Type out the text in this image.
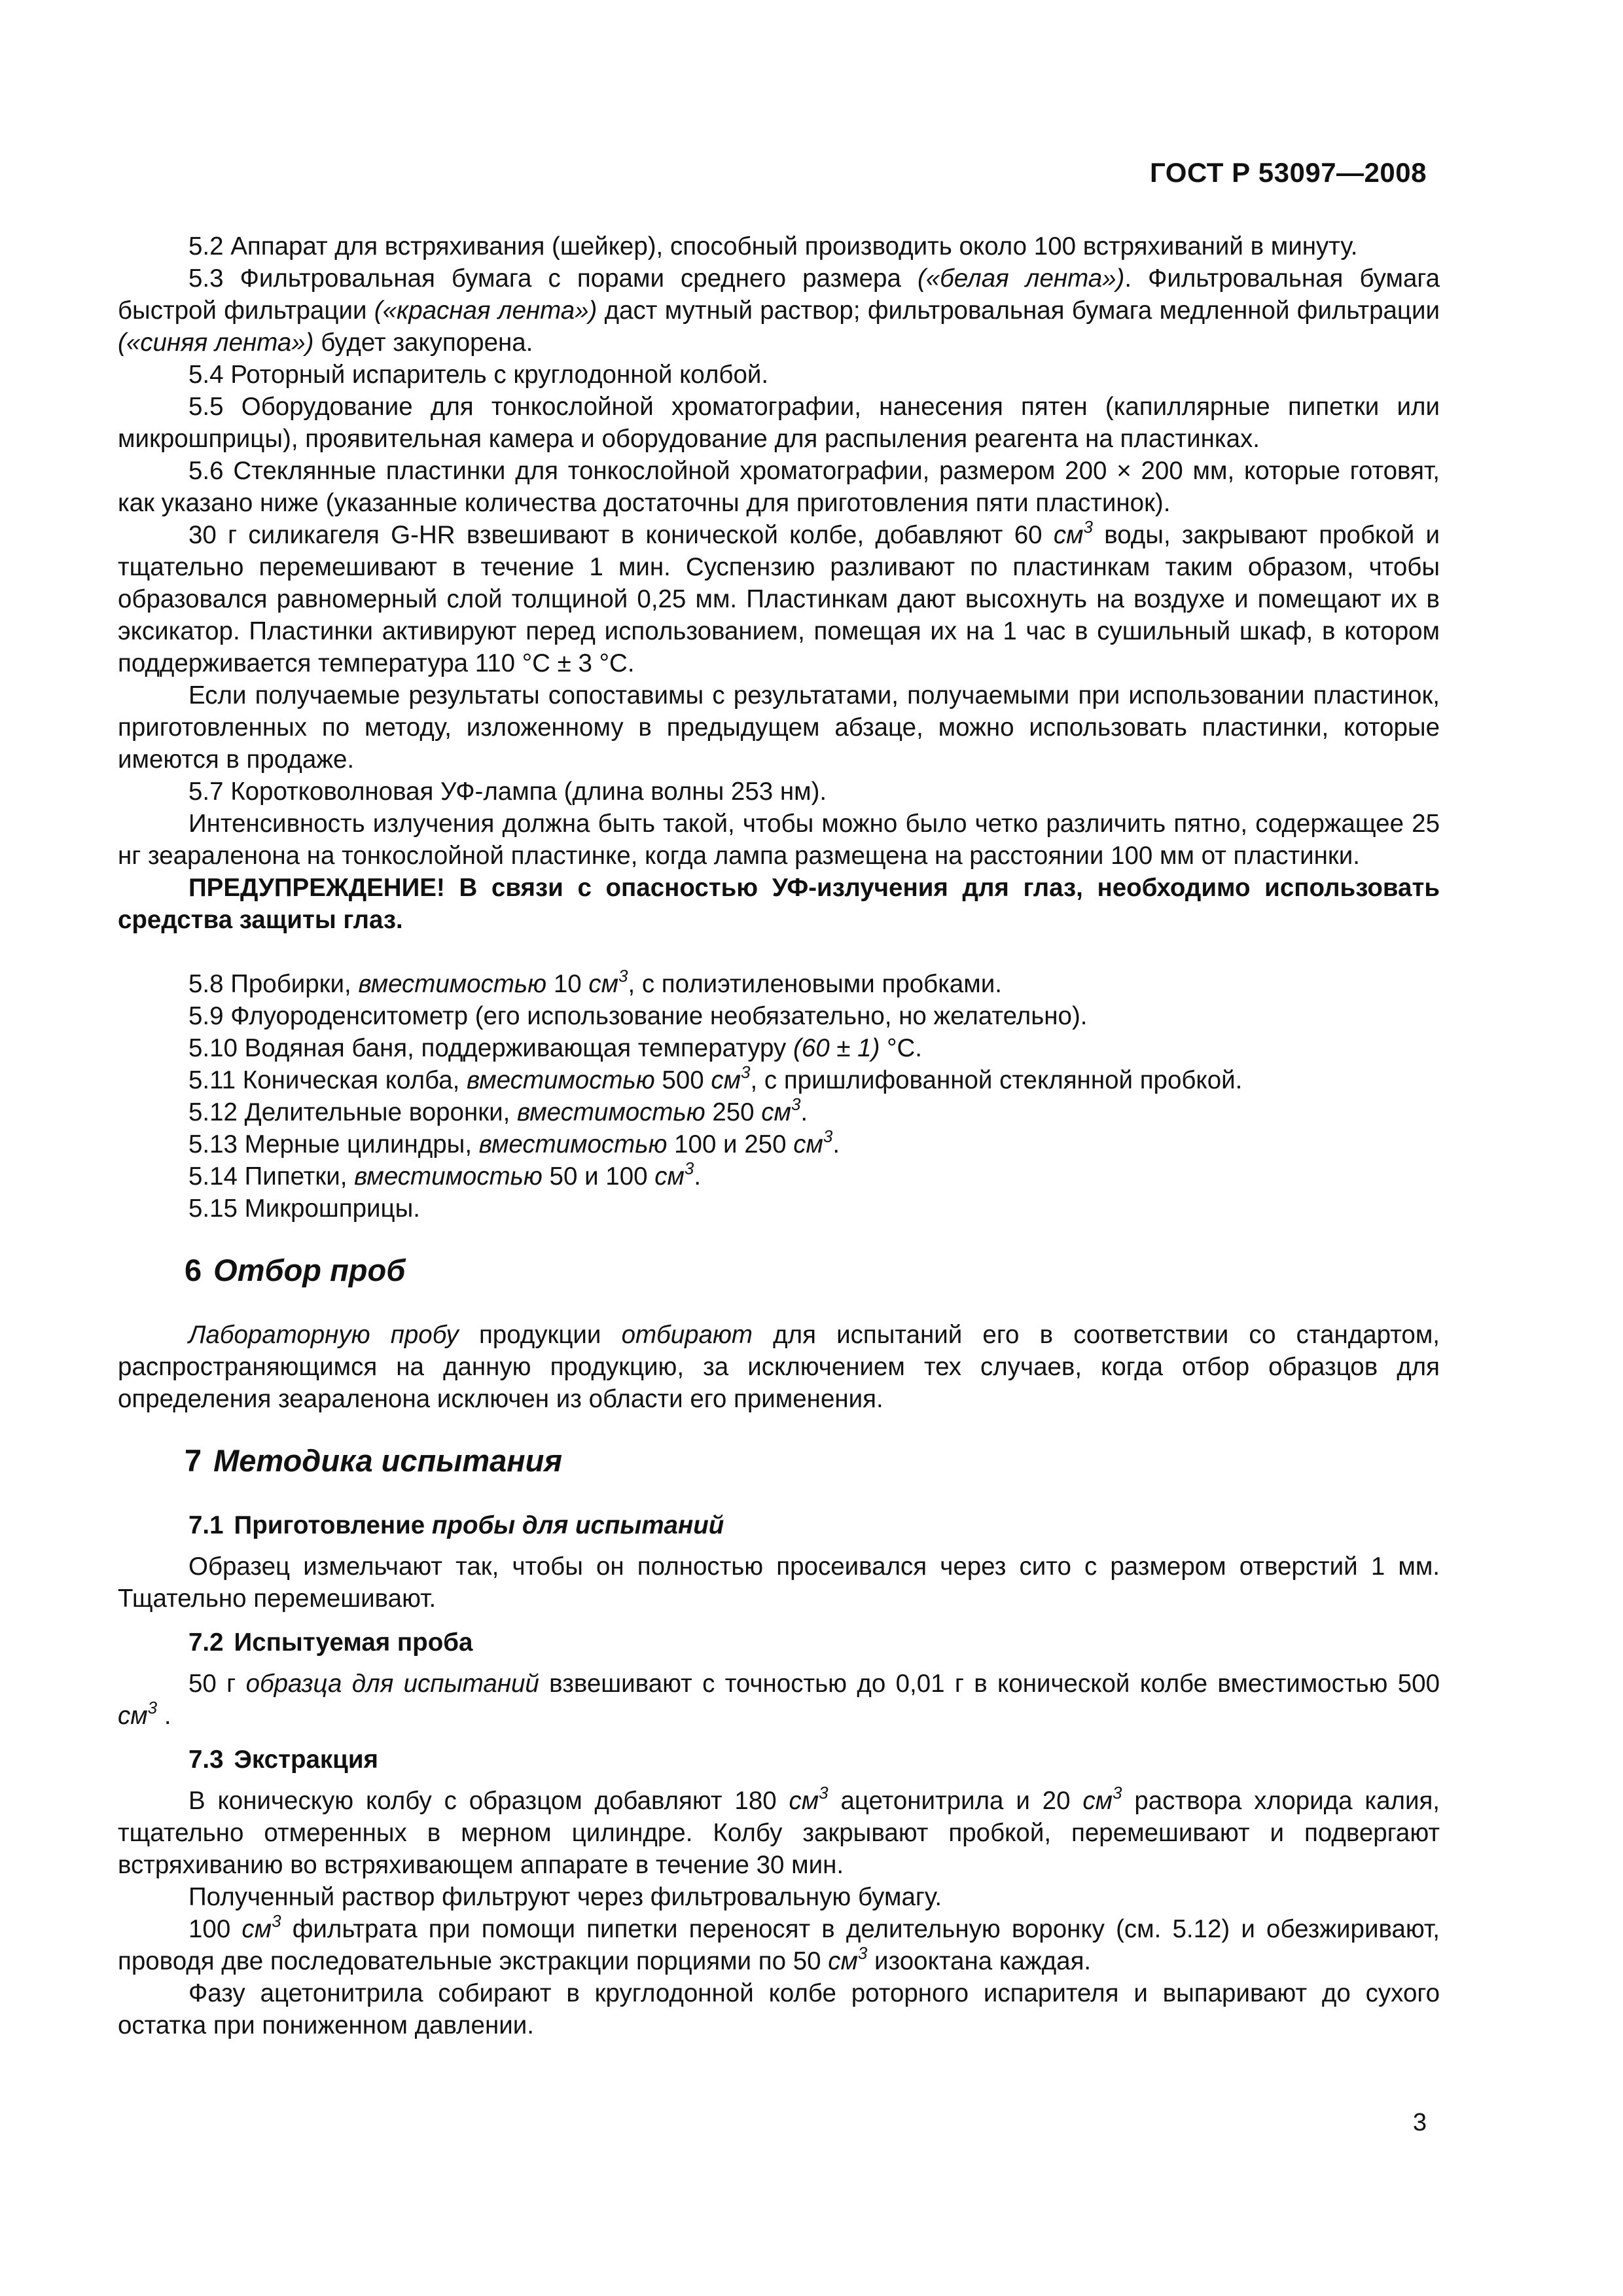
ГОСТ Р 53097—2008

5.2 Аппарат для встряхивания (шейкер), способный производить около 100 встряхиваний в минуту.

5.3 Фильтровальная бумага с порами среднего размера («белая лента»). Фильтровальная бумага быстрой фильтрации («красная лента») даст мутный раствор; фильтровальная бумага медленной фильтрации («синяя лента») будет закупорена.

5.4 Роторный испаритель с круглодонной колбой.

5.5 Оборудование для тонкослойной хроматографии, нанесения пятен (капиллярные пипетки или микрошприцы), проявительная камера и оборудование для распыления реагента на пластинках.

5.6 Стеклянные пластинки для тонкослойной хроматографии, размером 200 × 200 мм, которые готовят, как указано ниже (указанные количества достаточны для приготовления пяти пластинок).

30 г силикагеля G-HR взвешивают в конической колбе, добавляют 60 $см^3$ воды, закрывают пробкой и тщательно перемешивают в течение 1 мин. Суспензию разливают по пластинкам таким образом, чтобы образовался равномерный слой толщиной 0,25 мм. Пластинкам дают высохнуть на воздухе и помещают их в эксикатор. Пластинки активируют перед использованием, помещая их на 1 час в сушильный шкаф, в котором поддерживается температура 110 °С ± 3 °С.

Если получаемые результаты сопоставимы с результатами, получаемыми при использовании пластинок, приготовленных по методу, изложенному в предыдущем абзаце, можно использовать пластинки, которые имеются в продаже.

5.7 Коротковолновая УФ-лампа (длина волны 253 нм).

Интенсивность излучения должна быть такой, чтобы можно было четко различить пятно, содержащее 25 нг зеараленона на тонкослойной пластинке, когда лампа размещена на расстоянии 100 мм от пластинки.

ПРЕДУПРЕЖДЕНИЕ! В связи с опасностью УФ-излучения для глаз, необходимо использовать средства защиты глаз.

5.8 Пробирки, вместимостью 10 $см^3$, с полиэтиленовыми пробками.

5.9 Флуороденситометр (его использование необязательно, но желательно).

5.10 Водяная баня, поддерживающая температуру (60 ± 1) °С.

5.11 Коническая колба, вместимостью 500 $см^3$, с пришлифованной стеклянной пробкой.

5.12 Делительные воронки, вместимостью 250 $см^3$.

5.13 Мерные цилиндры, вместимостью 100 и 250 $см^3$.

5.14 Пипетки, вместимостью 50 и 100 $см^3$.

5.15 Микрошприцы.

6 Отбор проб

Лабораторную пробу продукции отбирают для испытаний его в соответствии со стандартом, распространяющимся на данную продукцию, за исключением тех случаев, когда отбор образцов для определения зеараленона исключен из области его применения.

7 Методика испытания
7.1 Приготовление пробы для испытаний

Образец измельчают так, чтобы он полностью просеивался через сито с размером отверстий 1 мм. Тщательно перемешивают.

7.2 Испытуемая проба

50 г образца для испытаний взвешивают с точностью до 0,01 г в конической колбе вместимостью 500 $см^3$ .

7.3 Экстракция

В коническую колбу с образцом добавляют 180 $см^3$ ацетонитрила и 20 $см^3$ раствора хлорида калия, тщательно отмеренных в мерном цилиндре. Колбу закрывают пробкой, перемешивают и подвергают встряхиванию во встряхивающем аппарате в течение 30 мин.

Полученный раствор фильтруют через фильтровальную бумагу.

100 $см^3$ фильтрата при помощи пипетки переносят в делительную воронку (см. 5.12) и обезжиривают, проводя две последовательные экстракции порциями по 50 $см^3$ изооктана каждая.

Фазу ацетонитрила собирают в круглодонной колбе роторного испарителя и выпаривают до сухого остатка при пониженном давлении.

3
